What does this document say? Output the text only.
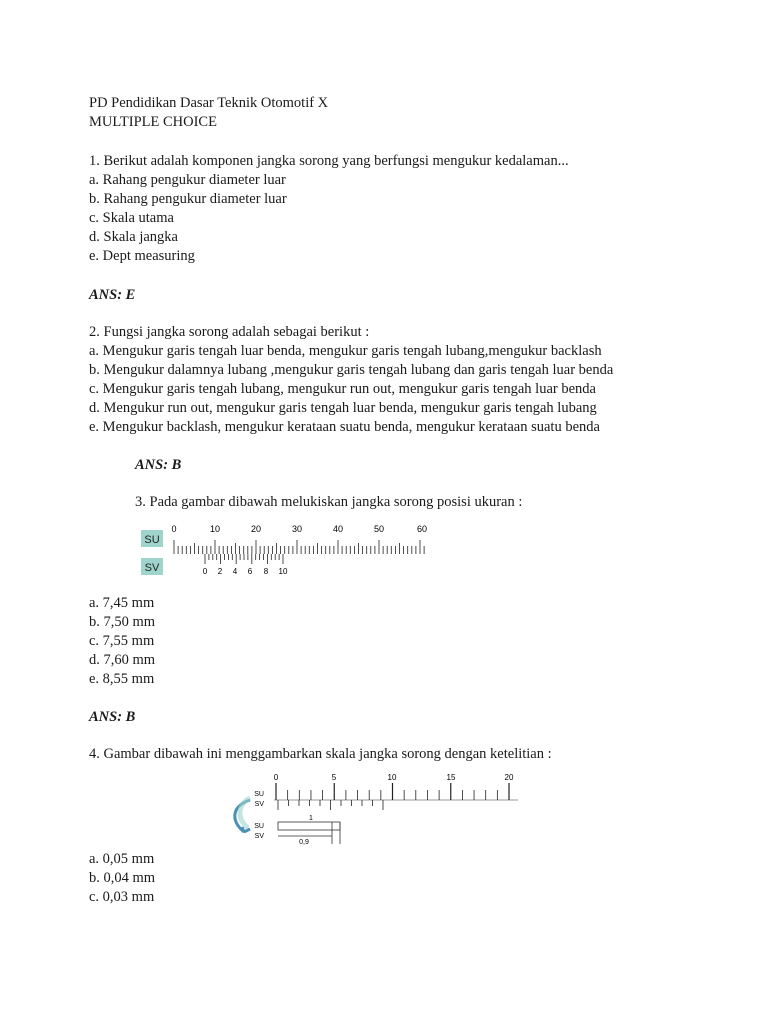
PD Pendidikan Dasar Teknik Otomotif X
MULTIPLE CHOICE
1. Berikut adalah komponen jangka sorong yang berfungsi mengukur kedalaman...
a. Rahang pengukur diameter luar
b. Rahang pengukur diameter luar
c. Skala utama
d. Skala jangka
e. Dept measuring
ANS: E
2. Fungsi jangka sorong adalah sebagai berikut :
a. Mengukur garis tengah luar benda, mengukur garis tengah lubang,mengukur backlash
b. Mengukur dalamnya lubang ,mengukur garis tengah lubang dan garis tengah luar benda
c. Mengukur garis tengah lubang, mengukur run out, mengukur garis tengah luar benda
d. Mengukur run out, mengukur garis tengah luar benda, mengukur garis tengah lubang
e. Mengukur backlash, mengukur kerataan suatu benda, mengukur kerataan suatu benda
ANS: B
3. Pada gambar dibawah melukiskan jangka sorong posisi ukuran :
SU
SV
0	10	20	30	40	50	60
0 2 4 6 8 10
a. 7,45 mm
b. 7,50 mm
c. 7,55 mm
d. 7,60 mm
e. 8,55 mm
ANS: B
4. Gambar dibawah ini menggambarkan skala jangka sorong dengan ketelitian :
SU
SV
0	5	10	15	20
SU
SV
1
0,9
a. 0,05 mm
b. 0,04 mm
c. 0,03 mm
